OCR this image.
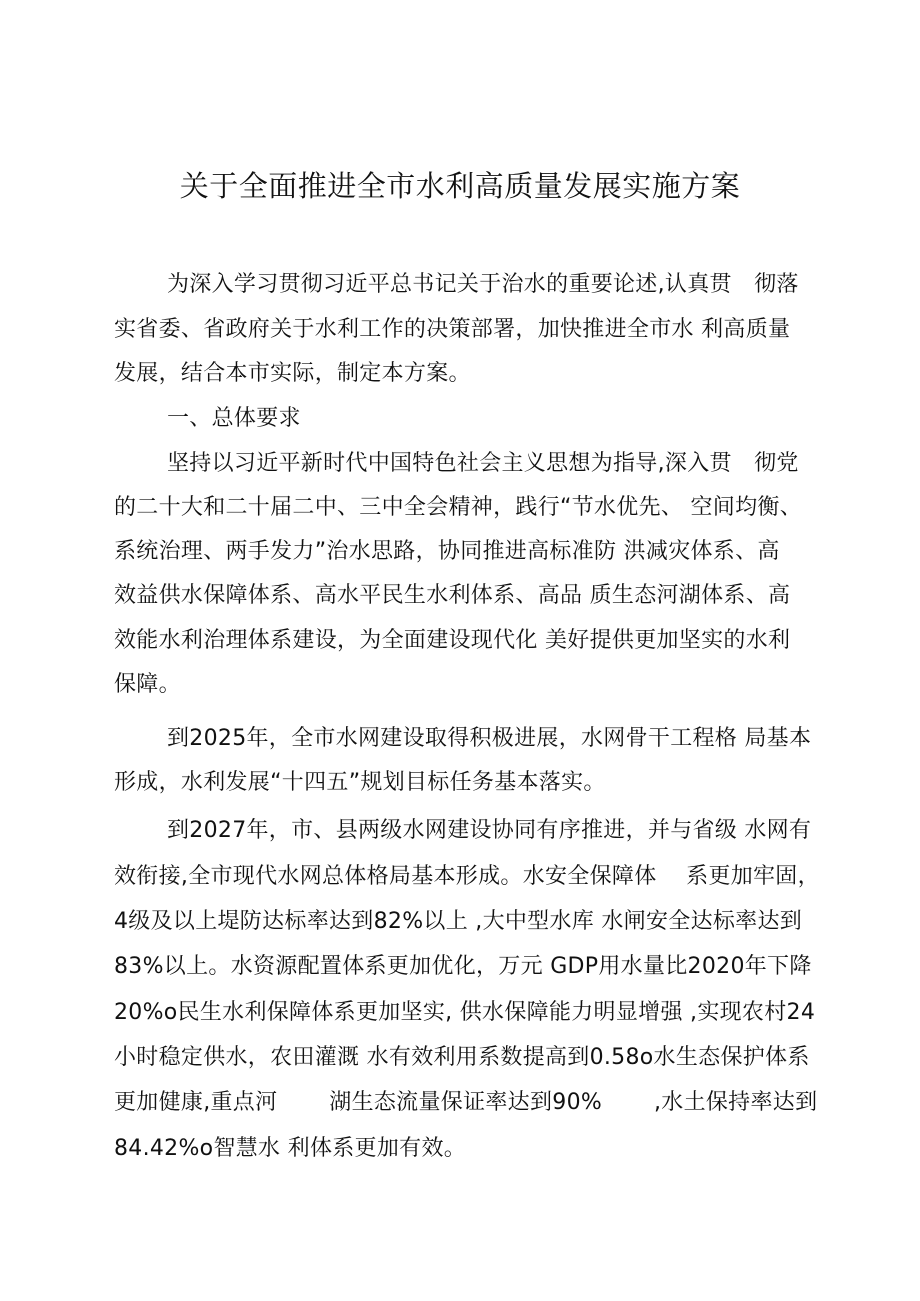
关于全面推进全市水利高质量发展实施方案
为深入学习贯彻习近平总书记关于治水的重要论述,认真贯　彻落
实省委、省政府关于水利工作的决策部署，加快推进全市水 利高质量
发展，结合本市实际，制定本方案。
一、总体要求
坚持以习近平新时代中国特色社会主义思想为指导,深入贯　彻党
的二十大和二十届二中、三中全会精神，践行“节水优先、 空间均衡、
系统治理、两手发力”治水思路，协同推进高标准防 洪减灾体系、高
效益供水保障体系、高水平民生水利体系、高品 质生态河湖体系、高
效能水利治理体系建设，为全面建设现代化 美好提供更加坚实的水利
保障。
到2025年，全市水网建设取得积极进展，水网骨干工程格 局基本
形成，水利发展“十四五”规划目标任务基本落实。
到2027年，市、县两级水网建设协同有序推进，并与省级 水网有
效衔接,全市现代水网总体格局基本形成。水安全保障体　 系更加牢固，
4级及以上堤防达标率达到82%以上 ,大中型水库 水闸安全达标率达到
83%以上。水资源配置体系更加优化，万元 GDP用水量比2020年下降
20%o民生水利保障体系更加坚实, 供水保障能力明显增强 ,实现农村24
小时稳定供水，农田灌溉 水有效利用系数提高到0.58o水生态保护体系
更加健康,重点河　　 湖生态流量保证率达到90%　　 ,水土保持率达到
84.42%o智慧水 利体系更加有效。
